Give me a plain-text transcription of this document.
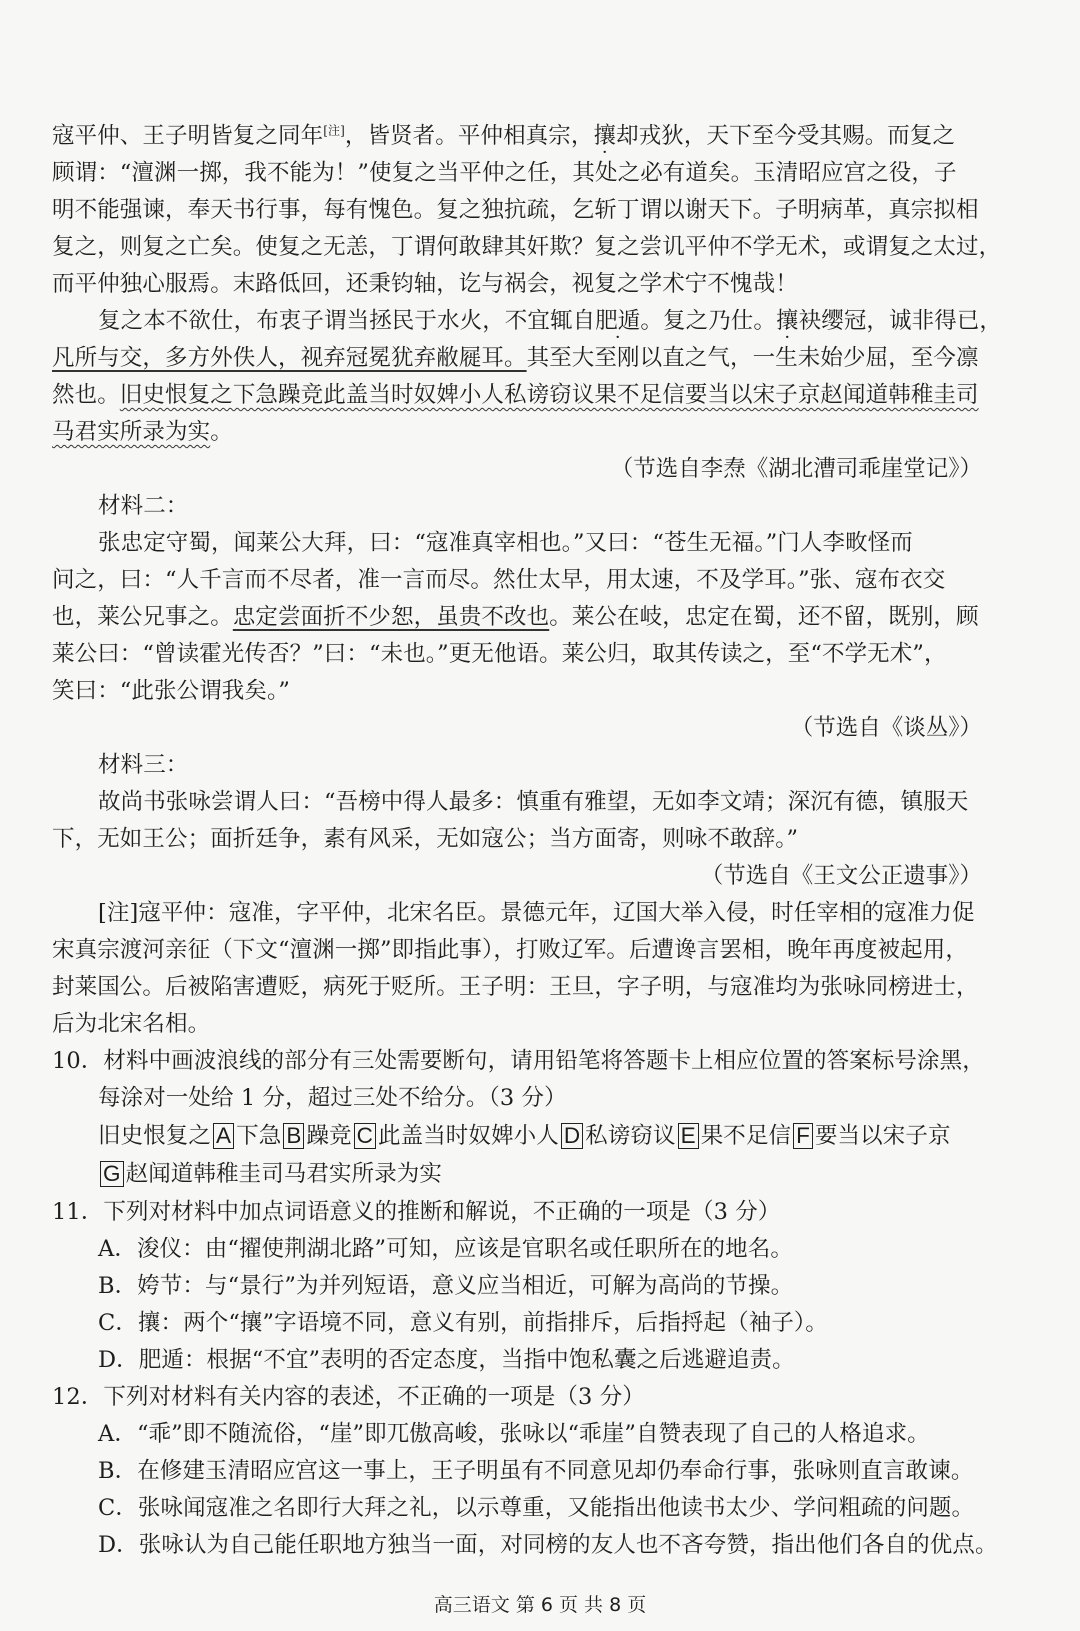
寇平仲、王子明皆复之同年[注]，皆贤者。平仲相真宗，攘却戎狄，天下至今受其赐。而复之
顾谓：“澶渊一掷，我不能为！”使复之当平仲之任，其处之必有道矣。玉清昭应宫之役，子
明不能强谏，奉天书行事，每有愧色。复之独抗疏，乞斩丁谓以谢天下。子明病革，真宗拟相
复之，则复之亡矣。使复之无恙，丁谓何敢肆其奸欺？复之尝讥平仲不学无术，或谓复之太过，
而平仲独心服焉。末路低回，还秉钧轴，讫与祸会，视复之学术宁不愧哉！
复之本不欲仕，布衷子谓当拯民于水火，不宜辄自肥遁。复之乃仕。攘袂缨冠，诚非得已，
凡所与交，多方外佚人，视弃冠冕犹弃敝屣耳。其至大至刚以直之气，一生未始少屈，至今凛
然也。旧史恨复之下急躁竞此盖当时奴婢小人私谤窃议果不足信要当以宋子京赵闻道韩稚圭司
马君实所录为实。
（节选自李焘《湖北漕司乖崖堂记》）
材料二：
张忠定守蜀，闻莱公大拜，曰：“寇准真宰相也。”又曰：“苍生无福。”门人李畋怪而
问之，曰：“人千言而不尽者，准一言而尽。然仕太早，用太速，不及学耳。”张、寇布衣交
也，莱公兄事之。忠定尝面折不少恕，虽贵不改也。莱公在岐，忠定在蜀，还不留，既别，顾
莱公曰：“曾读霍光传否？”曰：“未也。”更无他语。莱公归，取其传读之，至“不学无术”，
笑曰：“此张公谓我矣。”
（节选自《谈丛》）
材料三：
故尚书张咏尝谓人曰：“吾榜中得人最多：慎重有雅望，无如李文靖；深沉有德，镇服天
下，无如王公；面折廷争，素有风采，无如寇公；当方面寄，则咏不敢辞。”
（节选自《王文公正遗事》）
[注]寇平仲：寇准，字平仲，北宋名臣。景德元年，辽国大举入侵，时任宰相的寇准力促
宋真宗渡河亲征（下文“澶渊一掷”即指此事），打败辽军。后遭谗言罢相，晚年再度被起用，
封莱国公。后被陷害遭贬，病死于贬所。王子明：王旦，字子明，与寇准均为张咏同榜进士，
后为北宋名相。
10．材料中画波浪线的部分有三处需要断句，请用铅笔将答题卡上相应位置的答案标号涂黑，
每涂对一处给 1 分，超过三处不给分。（3 分）
旧史恨复之 A 下急 B 躁竞 C 此盖当时奴婢小人 D 私谤窃议 E 果不足信 F 要当以宋子京
G 赵闻道韩稚圭司马君实所录为实
11．下列对材料中加点词语意义的推断和解说，不正确的一项是（3 分）
A．浚仪：由“擢使荆湖北路”可知，应该是官职名或任职所在的地名。
B．姱节：与“景行”为并列短语，意义应当相近，可解为高尚的节操。
C．攘：两个“攘”字语境不同，意义有别，前指排斥，后指捋起（袖子）。
D．肥遁：根据“不宜”表明的否定态度，当指中饱私囊之后逃避追责。
12．下列对材料有关内容的表述，不正确的一项是（3 分）
A．“乖”即不随流俗，“崖”即兀傲高峻，张咏以“乖崖”自赞表现了自己的人格追求。
B．在修建玉清昭应宫这一事上，王子明虽有不同意见却仍奉命行事，张咏则直言敢谏。
C．张咏闻寇准之名即行大拜之礼，以示尊重，又能指出他读书太少、学问粗疏的问题。
D．张咏认为自己能任职地方独当一面，对同榜的友人也不吝夸赞，指出他们各自的优点。
高三语文 第 6 页 共 8 页
